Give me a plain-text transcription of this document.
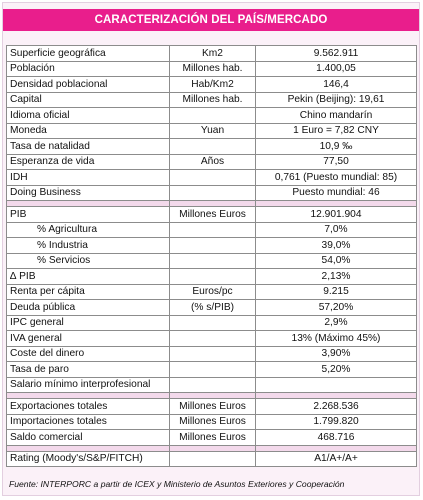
CARACTERIZACIÓN DEL PAÍS/MERCADO
Superficie geográfica	Km2	9.562.911
Población	Millones hab.	1.400,05
Densidad poblacional	Hab/Km2	146,4
Capital	Millones hab.	Pekin (Beijing): 19,61
Idioma oficial		Chino mandarín
Moneda	Yuan	1 Euro = 7,82 CNY
Tasa de natalidad		10,9 ‰
Esperanza de vida	Años	77,50
IDH		0,761 (Puesto mundial: 85)
Doing Business		Puesto mundial: 46

PIB	Millones Euros	12.901.904
% Agricultura		7,0%
% Industria		39,0%
% Servicios		54,0%
∆ PIB		2,13%
Renta per cápita	Euros/pc	9.215
Deuda pública	(% s/PIB)	57,20%
IPC general		2,9%
IVA general		13% (Máximo 45%)
Coste del dinero		3,90%
Tasa de paro		5,20%
Salario mínimo interprofesional		

Exportaciones totales	Millones Euros	2.268.536
Importaciones totales	Millones Euros	1.799.820
Saldo comercial	Millones Euros	468.716

Rating (Moody's/S&P/FITCH)		A1/A+/A+
Fuente: INTERPORC a partir de ICEX y Ministerio de Asuntos Exteriores y Cooperación
